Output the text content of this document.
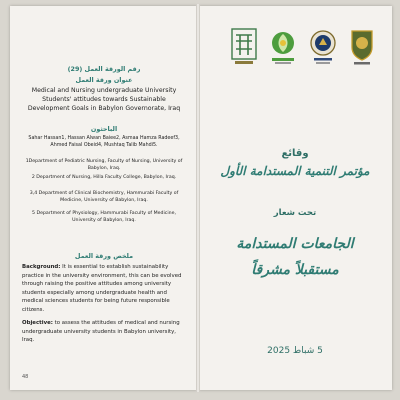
رقم الورقة العمل (29)
عنوان ورقة العمل
Medical and Nursing undergraduate University Students' attitudes towards Sustainable Development Goals in Babylon Governorate, Iraq
الباحثون
Sahar Hassan1, Hassan Alwan Baiee2, Asmaa Hamza Radeef3, Ahmed Faisal Obeid4, Mushtaq Talib Mahdi5.
1Department of Pediatric Nursing, Faculty of Nursing, University of Babylon, Iraq.
2 Department of Nursing, Hilla Faculty College, Babylon, Iraq.
3,4 Department of Clinical Biochemistry, Hammurabi Faculty of Medicine, University of Babylon, Iraq.
5 Department of Physiology, Hammurabi Faculty of Medicine, University of Babylon, Iraq.
ملخص ورقة العمل
Background: It is essential to establish sustainability practice in the university environment, this can be evolved through raising the positive attitudes among university students especially among undergraduate health and medical sciences students for being future responsible citizens.
Objective: to assess the attitudes of medical and nursing undergraduate university students in Babylon university, Iraq.
48
وقائع
مؤتمر التنمية المستدامة الأول
تحت شعار
الجامعات المستدامة
مستقبلاً مشرقاً
5 شباط 2025
